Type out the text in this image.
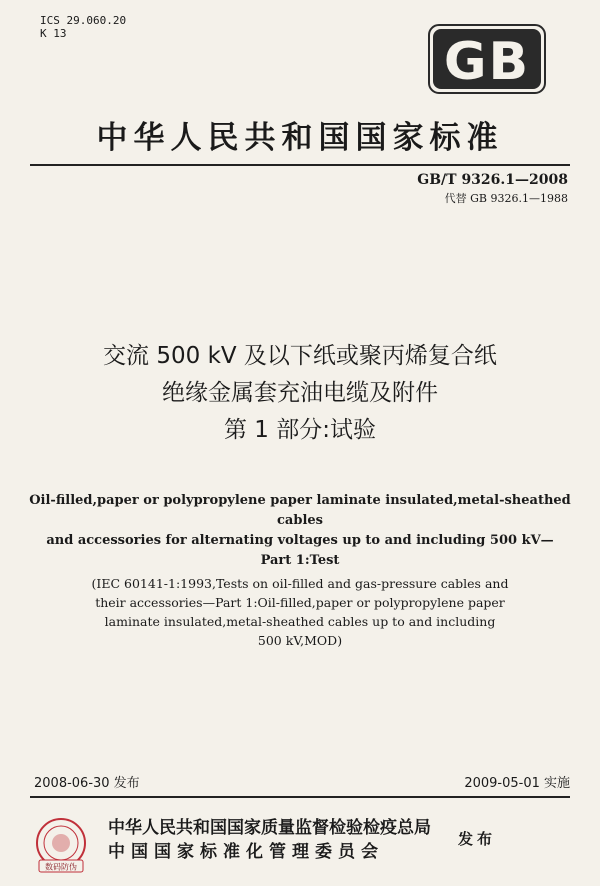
ICS 29.060.20
K 13	GB
中华人民共和国国家标准
GB/T 9326.1—2008
代替 GB 9326.1—1988
交流 500 kV 及以下纸或聚丙烯复合纸
绝缘金属套充油电缆及附件
第 1 部分:试验
Oil-filled,paper or polypropylene paper laminate insulated,metal-sheathed cables
and accessories for alternating voltages up to and including 500 kV—
Part 1:Test
(IEC 60141-1:1993,Tests on oil-filled and gas-pressure cables and
their accessories—Part 1:Oil-filled,paper or polypropylene paper
laminate insulated,metal-sheathed cables up to and including
500 kV,MOD)
2008-06-30 发布	2009-05-01 实施
数码防伪
中华人民共和国国家质量监督检验检疫总局
中国国家标准化管理委员会
发布
